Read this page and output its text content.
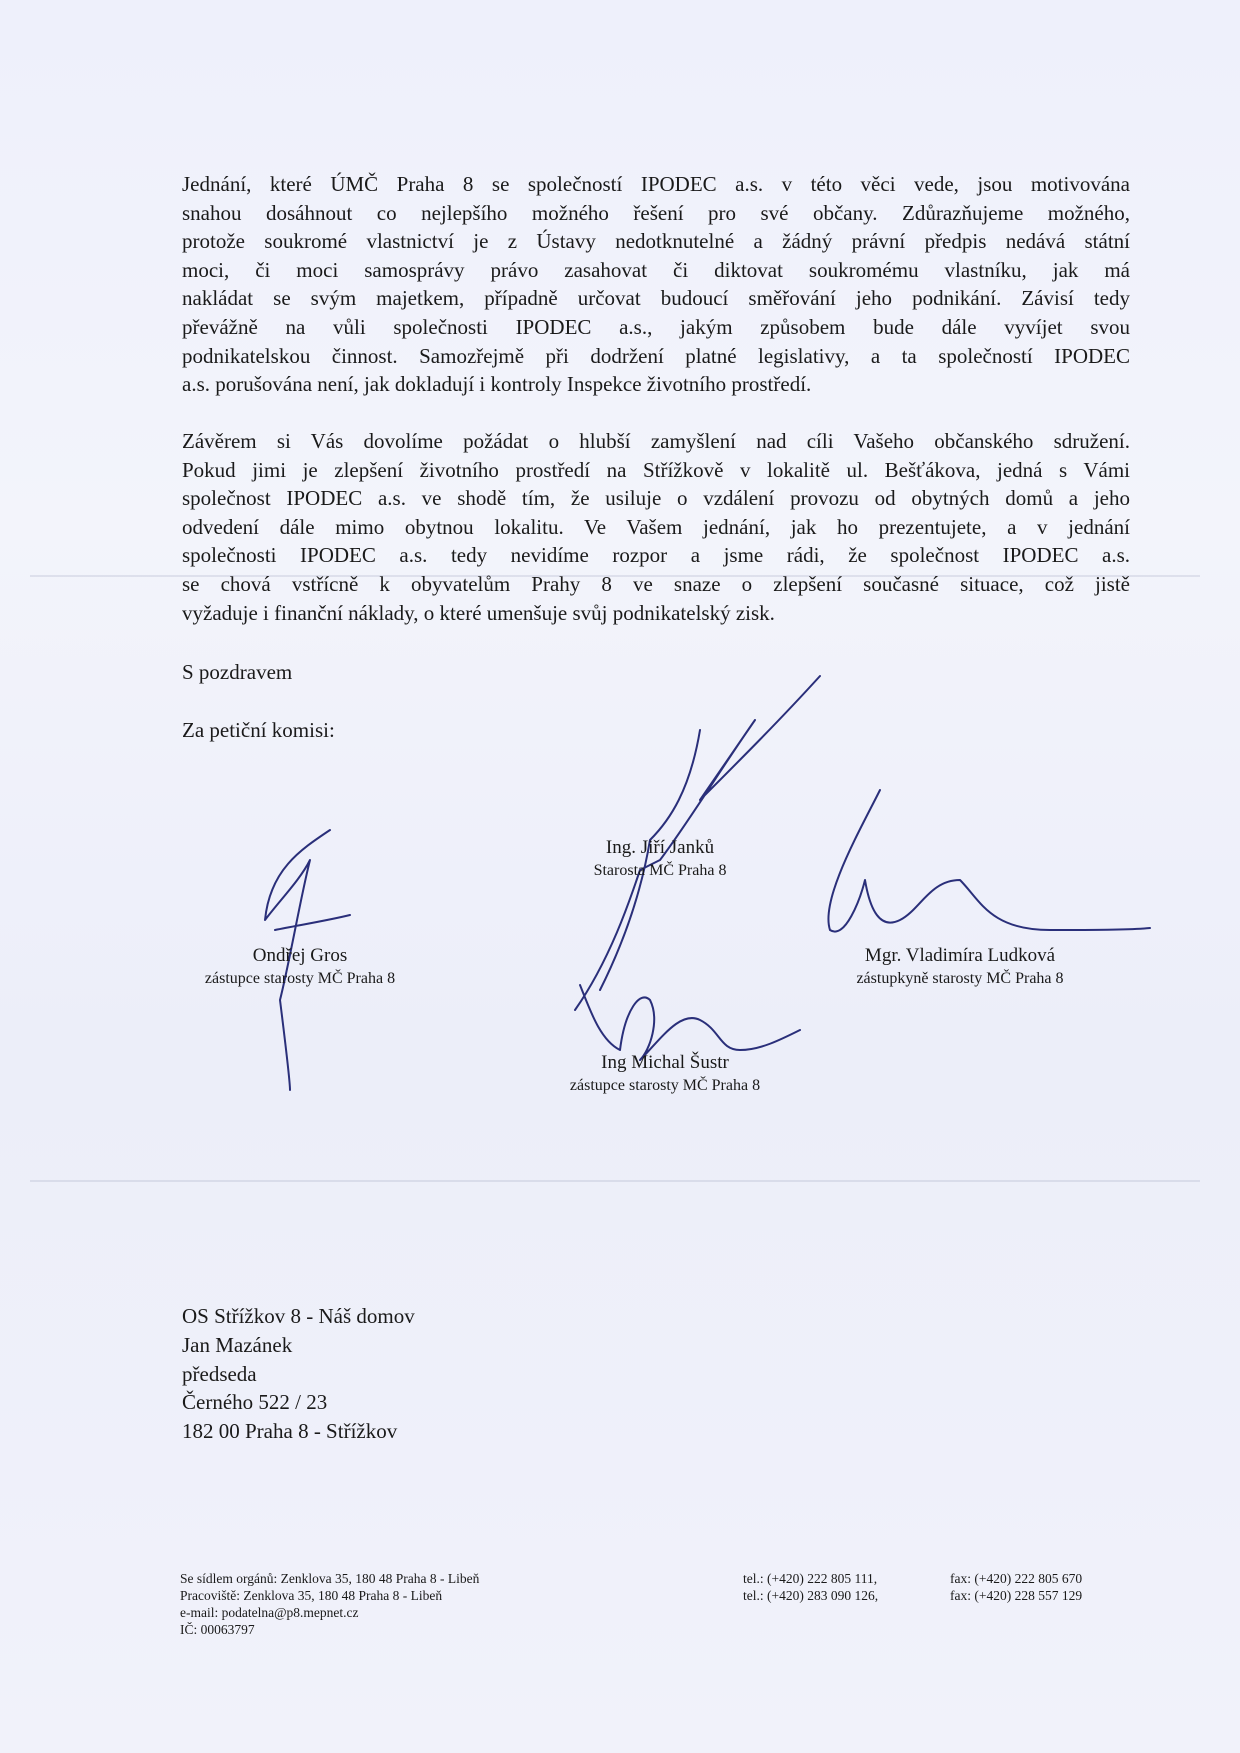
Jednání, které ÚMČ Praha 8 se společností IPODEC a.s. v této věci vede, jsou motivována
snahou dosáhnout co nejlepšího možného řešení pro své občany. Zdůrazňujeme možného,
protože soukromé vlastnictví je z Ústavy nedotknutelné a žádný právní předpis nedává státní
moci, či moci samosprávy právo zasahovat či diktovat soukromému vlastníku, jak má
nakládat se svým majetkem, případně určovat budoucí směřování jeho podnikání. Závisí tedy
převážně na vůli společnosti IPODEC a.s., jakým způsobem bude dále vyvíjet svou
podnikatelskou činnost. Samozřejmě při dodržení platné legislativy, a ta společností IPODEC
a.s. porušována není, jak dokladují i kontroly Inspekce životního prostředí.
Závěrem si Vás dovolíme požádat o hlubší zamyšlení nad cíli Vašeho občanského sdružení.
Pokud jimi je zlepšení životního prostředí na Střížkově v lokalitě ul. Bešťákova, jedná s Vámi
společnost IPODEC a.s. ve shodě tím, že usiluje o vzdálení provozu od obytných domů a jeho
odvedení dále mimo obytnou lokalitu. Ve Vašem jednání, jak ho prezentujete, a v jednání
společnosti IPODEC a.s. tedy nevidíme rozpor a jsme rádi, že společnost IPODEC a.s.
se chová vstřícně k obyvatelům Prahy 8 ve snaze o zlepšení současné situace, což jistě
vyžaduje i finanční náklady, o které umenšuje svůj podnikatelský zisk.
S pozdravem
Za petiční komisi:
Ing. Jiří Janků
Starosta MČ Praha 8
Ondřej Gros
zástupce starosty MČ Praha 8
Mgr. Vladimíra Ludková
zástupkyně starosty MČ Praha 8
Ing Michal Šustr
zástupce starosty MČ Praha 8
OS Střížkov 8 - Náš domov
Jan Mazánek
předseda
Černého 522 / 23
182 00 Praha 8 - Střížkov
Se sídlem orgánů: Zenklova 35, 180 48 Praha 8 - Libeň
Pracoviště: Zenklova 35, 180 48 Praha 8 - Libeň
e-mail: podatelna@p8.mepnet.cz
IČ: 00063797
tel.: (+420) 222 805 111,
tel.: (+420) 283 090 126,
fax: (+420) 222 805 670
fax: (+420) 228 557 129
